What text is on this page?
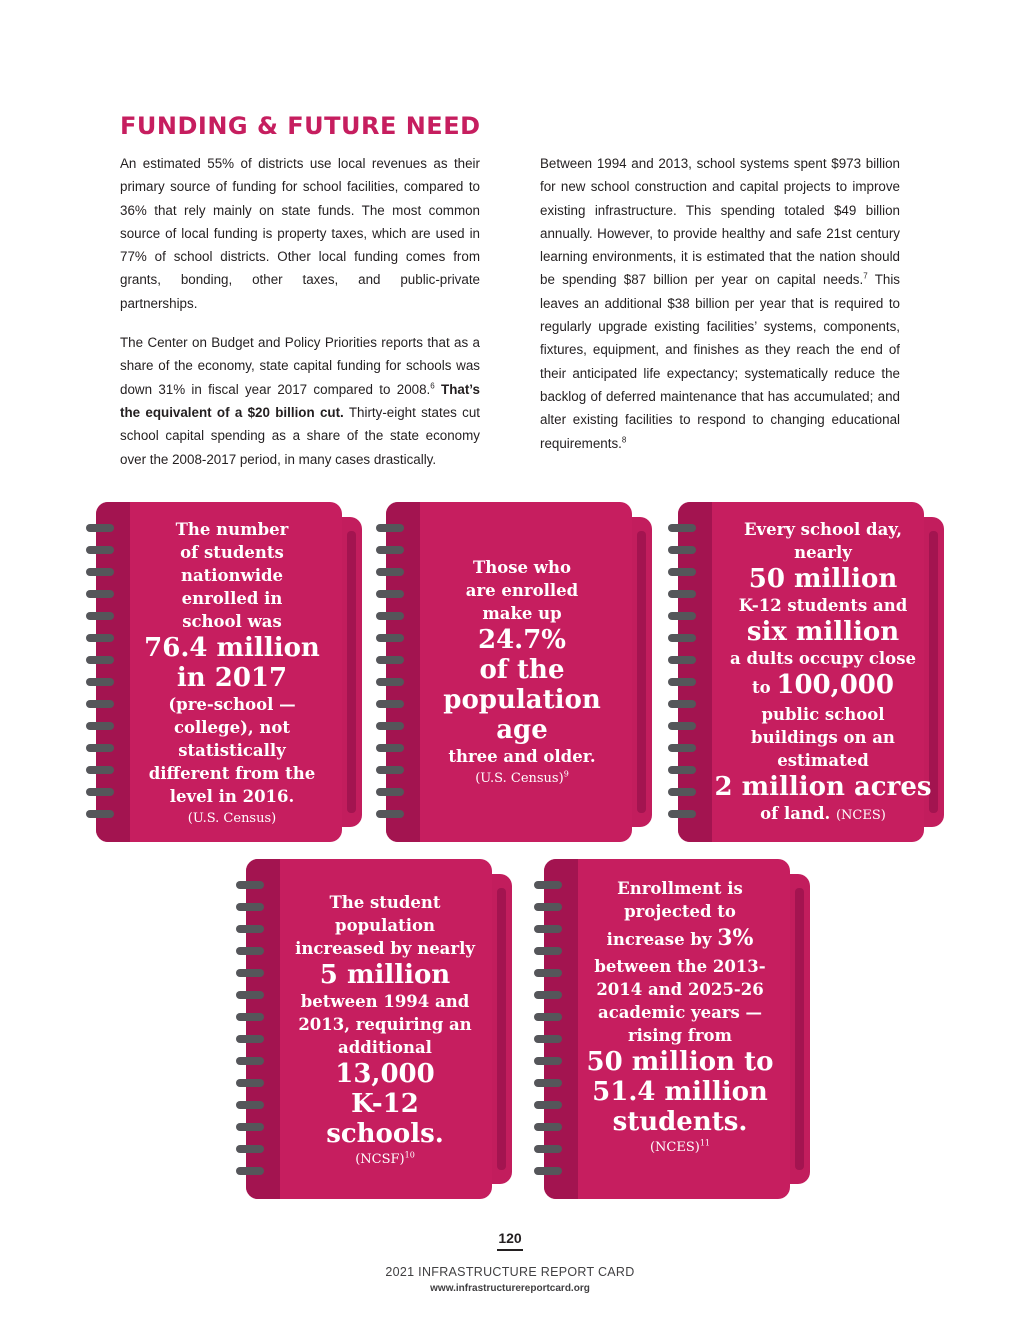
FUNDING & FUTURE NEED

An estimated 55% of districts use local revenues as their primary source of funding for school facilities, compared to 36% that rely mainly on state funds. The most common source of local funding is property taxes, which are used in 77% of school districts. Other local funding comes from grants, bonding, other taxes, and public-private partnerships.

The Center on Budget and Policy Priorities reports that as a share of the economy, state capital funding for schools was down 31% in fiscal year 2017 compared to 2008.$^6$ That’s the equivalent of a $20 billion cut. Thirty-eight states cut school capital spending as a share of the state economy over the 2008-2017 period, in many cases drastically.

Between 1994 and 2013, school systems spent $973 billion for new school construction and capital projects to improve existing infrastructure. This spending totaled $49 billion annually. However, to provide healthy and safe 21st century learning environments, it is estimated that the nation should be spending $87 billion per year on capital needs.$^7$ This leaves an additional $38 billion per year that is required to regularly upgrade existing facilities’ systems, components, fixtures, equipment, and finishes as they reach the end of their anticipated life expectancy; systematically reduce the backlog of deferred maintenance that has accumulated; and alter existing facilities to respond to changing educational requirements.$^8$

The number
of students
nationwide
enrolled in
school was
76.4 million
in 2017
(pre-school —
college), not
statistically
different from the
level in 2016.
(U.S. Census)
Those who
are enrolled
make up
24.7%
of the
population
age
three and older.
(U.S. Census)$^9$
Every school day,
nearly
50 million
K-12 students and
six million
a dults occupy close
to 100,000
public school
buildings on an
estimated
2 million acres
of land. (NCES)
The student
population
increased by nearly
5 million
between 1994 and
2013, requiring an
additional
13,000
K-12
schools.
(NCSF)$^{10}$
Enrollment is
projected to
increase by 3%
between the 2013-
2014 and 2025-26
academic years —
rising from
50 million to
51.4 million
students.
(NCES)$^{11}$
120
2021 INFRASTRUCTURE REPORT CARD
www.infrastructurereportcard.org
